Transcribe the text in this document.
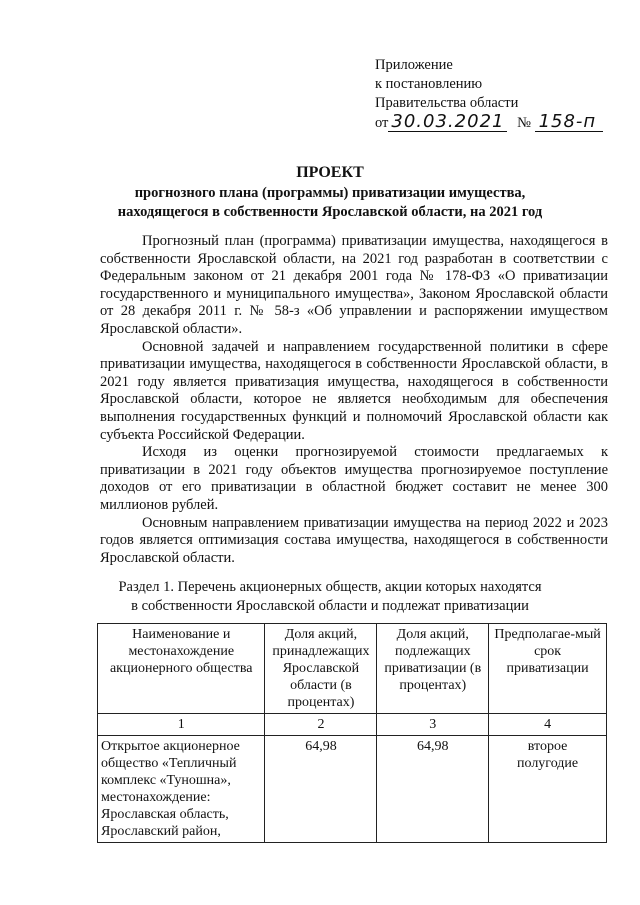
Приложение
к постановлению
Правительства области
от 30.03.2021 № 158-п
ПРОЕКТ
прогнозного плана (программы) приватизации имущества,
находящегося в собственности Ярославской области, на 2021 год

Прогнозный план (программа) приватизации имущества, находящегося в собственности Ярославской области, на 2021 год разработан в соответствии с Федеральным законом от 21 декабря 2001 года № 178-ФЗ «О приватизации государственного и муниципального имущества», Законом Ярославской области от 28 декабря 2011 г. № 58-з «Об управлении и распоряжении имуществом Ярославской области».

Основной задачей и направлением государственной политики в сфере приватизации имущества, находящегося в собственности Ярославской области, в 2021 году является приватизация имущества, находящегося в собственности Ярославской области, которое не является необходимым для обеспечения выполнения государственных функций и полномочий Ярославской области как субъекта Российской Федерации.

Исходя из оценки прогнозируемой стоимости предлагаемых к приватизации в 2021 году объектов имущества прогнозируемое поступление доходов от его приватизации в областной бюджет составит не менее 300 миллионов рублей.

Основным направлением приватизации имущества на период 2022 и 2023 годов является оптимизация состава имущества, находящегося в собственности Ярославской области.

Раздел 1. Перечень акционерных обществ, акции которых находятся
в собственности Ярославской области и подлежат приватизации
Наименование и местонахождение акционерного общества	Доля акций, принадлежащих Ярославской области (в процентах)	Доля акций, подлежащих приватизации (в процентах)	Предполагае-мый срок приватизации
1	2	3	4
Открытое акционерное общество «Тепличный комплекс «Туношна», местонахождение: Ярославская область, Ярославский район,	64,98	64,98	второе полугодие
